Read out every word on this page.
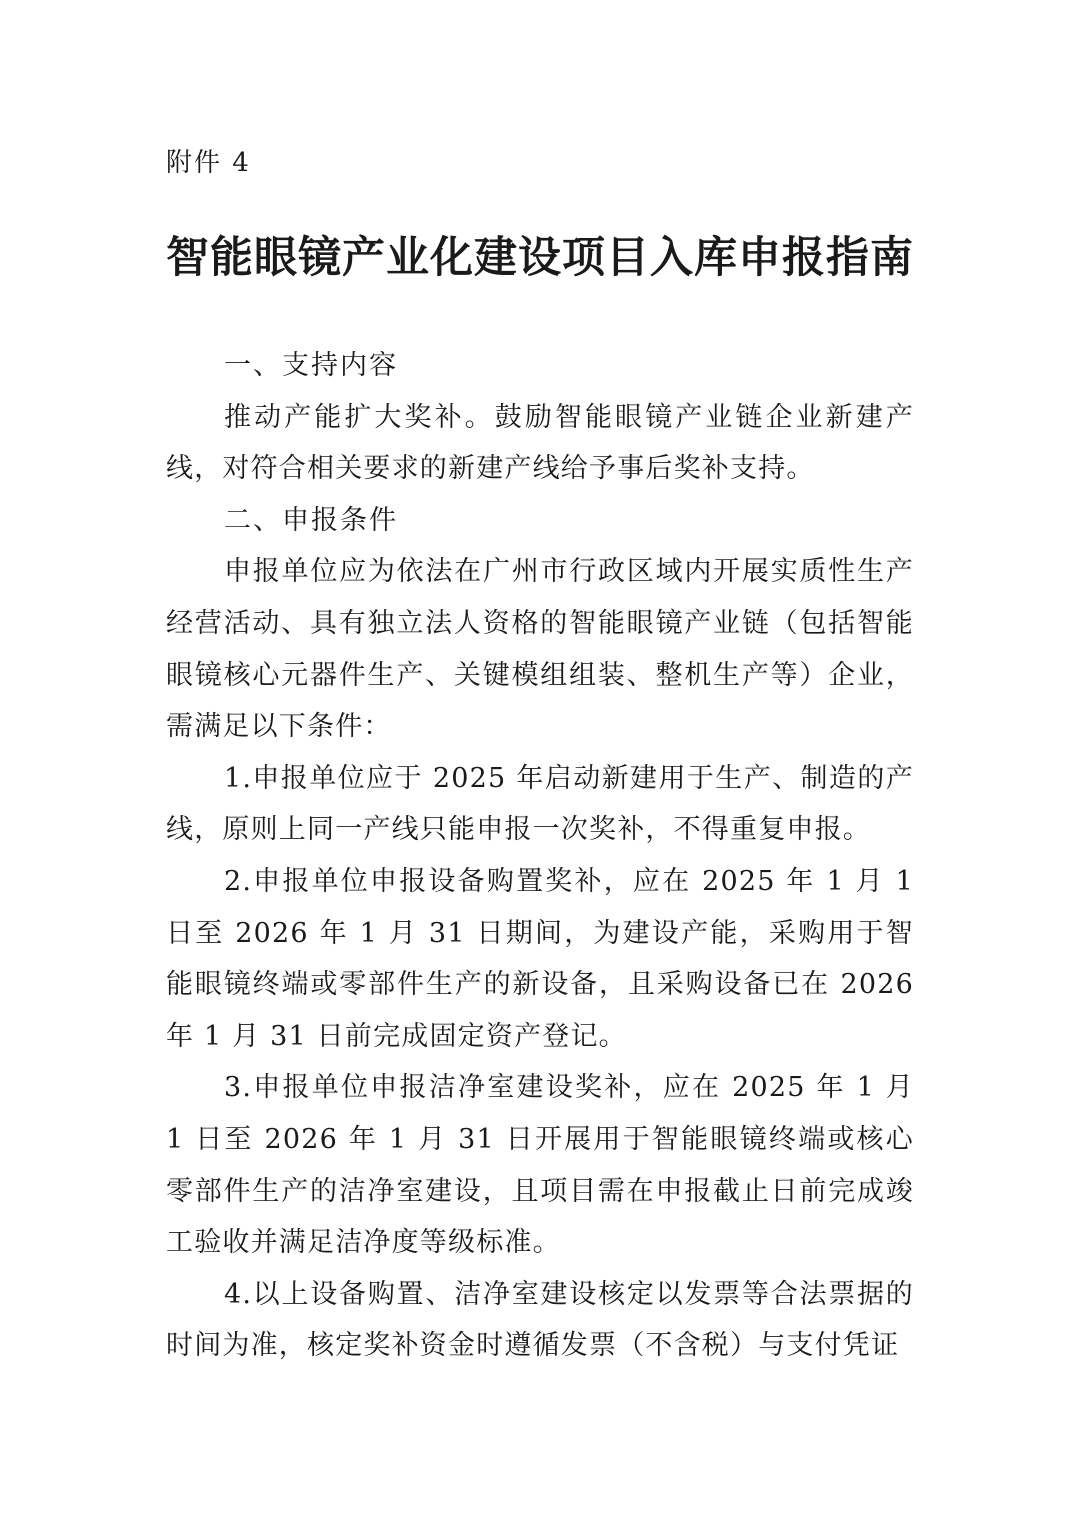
附件 4
智能眼镜产业化建设项目入库申报指南

一、支持内容

推动产能扩大奖补。鼓励智能眼镜产业链企业新建产线，对符合相关要求的新建产线给予事后奖补支持。

二、申报条件

申报单位应为依法在广州市行政区域内开展实质性生产经营活动、具有独立法人资格的智能眼镜产业链（包括智能眼镜核心元器件生产、关键模组组装、整机生产等）企业，需满足以下条件：

1.申报单位应于 2025 年启动新建用于生产、制造的产线，原则上同一产线只能申报一次奖补，不得重复申报。

2.申报单位申报设备购置奖补，应在 2025 年 1 月 1 日至 2026 年 1 月 31 日期间，为建设产能，采购用于智能眼镜终端或零部件生产的新设备，且采购设备已在 2026 年 1 月 31 日前完成固定资产登记。

3.申报单位申报洁净室建设奖补，应在 2025 年 1 月 1 日至 2026 年 1 月 31 日开展用于智能眼镜终端或核心零部件生产的洁净室建设，且项目需在申报截止日前完成竣工验收并满足洁净度等级标准。

4.以上设备购置、洁净室建设核定以发票等合法票据的时间为准，核定奖补资金时遵循发票（不含税）与支付凭证
